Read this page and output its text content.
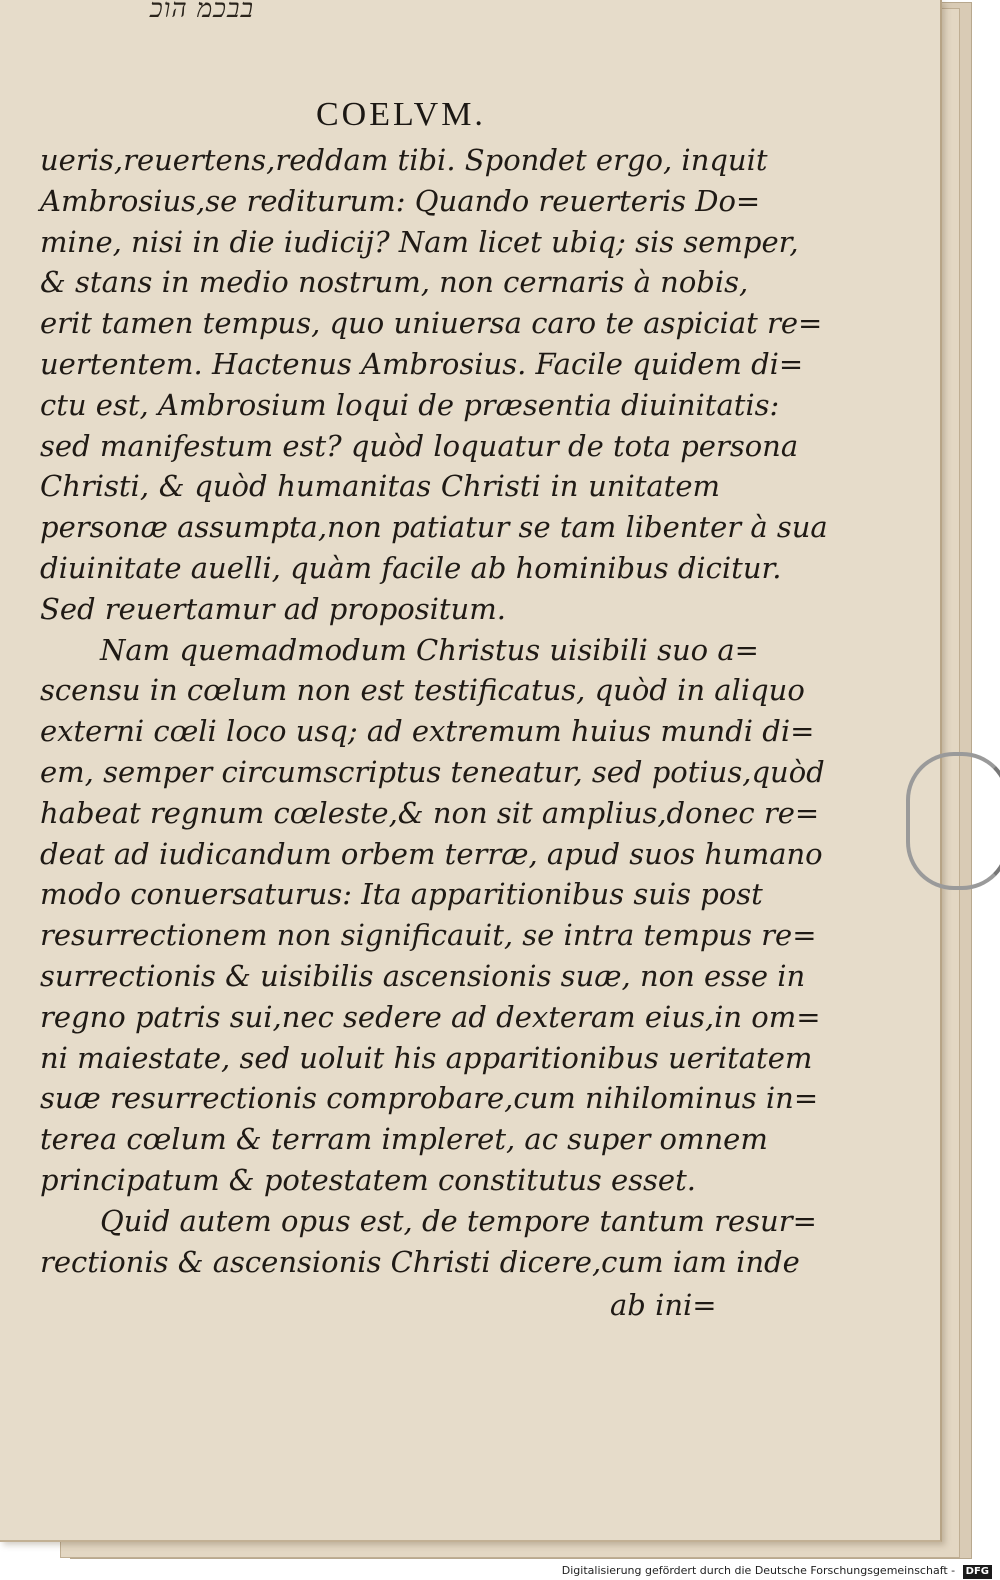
בבכמ הוכ
COELVM.
ueris,reuertens,reddam tibi. Spondet ergo, inquit
Ambrosius,se rediturum: Quando reuerteris Do=
mine, nisi in die iudicij? Nam licet ubiq; sis semper,
& stans in medio nostrum, non cernaris à nobis,
erit tamen tempus, quo uniuersa caro te aspiciat re=
uertentem. Hactenus Ambrosius. Facile quidem di=
ctu est, Ambrosium loqui de præsentia diuinitatis:
sed manifestum est? quòd loquatur de tota persona
Christi, & quòd humanitas Christi in unitatem
personæ assumpta,non patiatur se tam libenter à sua
diuinitate auelli, quàm facile ab hominibus dicitur.
Sed reuertamur ad propositum.
Nam quemadmodum Christus uisibili suo a=
scensu in cœlum non est testificatus, quòd in aliquo
externi cœli loco usq; ad extremum huius mundi di=
em, semper circumscriptus teneatur, sed potius,quòd
habeat regnum cœleste,& non sit amplius,donec re=
deat ad iudicandum orbem terræ, apud suos humano
modo conuersaturus: Ita apparitionibus suis post
resurrectionem non significauit, se intra tempus re=
surrectionis & uisibilis ascensionis suæ, non esse in
regno patris sui,nec sedere ad dexteram eius,in om=
ni maiestate, sed uoluit his apparitionibus ueritatem
suæ resurrectionis comprobare,cum nihilominus in=
terea cœlum & terram impleret, ac super omnem
principatum & potestatem constitutus esset.
Quid autem opus est, de tempore tantum resur=
rectionis & ascensionis Christi dicere,cum iam inde
ab ini=
Digitalisierung gefördert durch die Deutsche Forschungsgemeinschaft - DFG
